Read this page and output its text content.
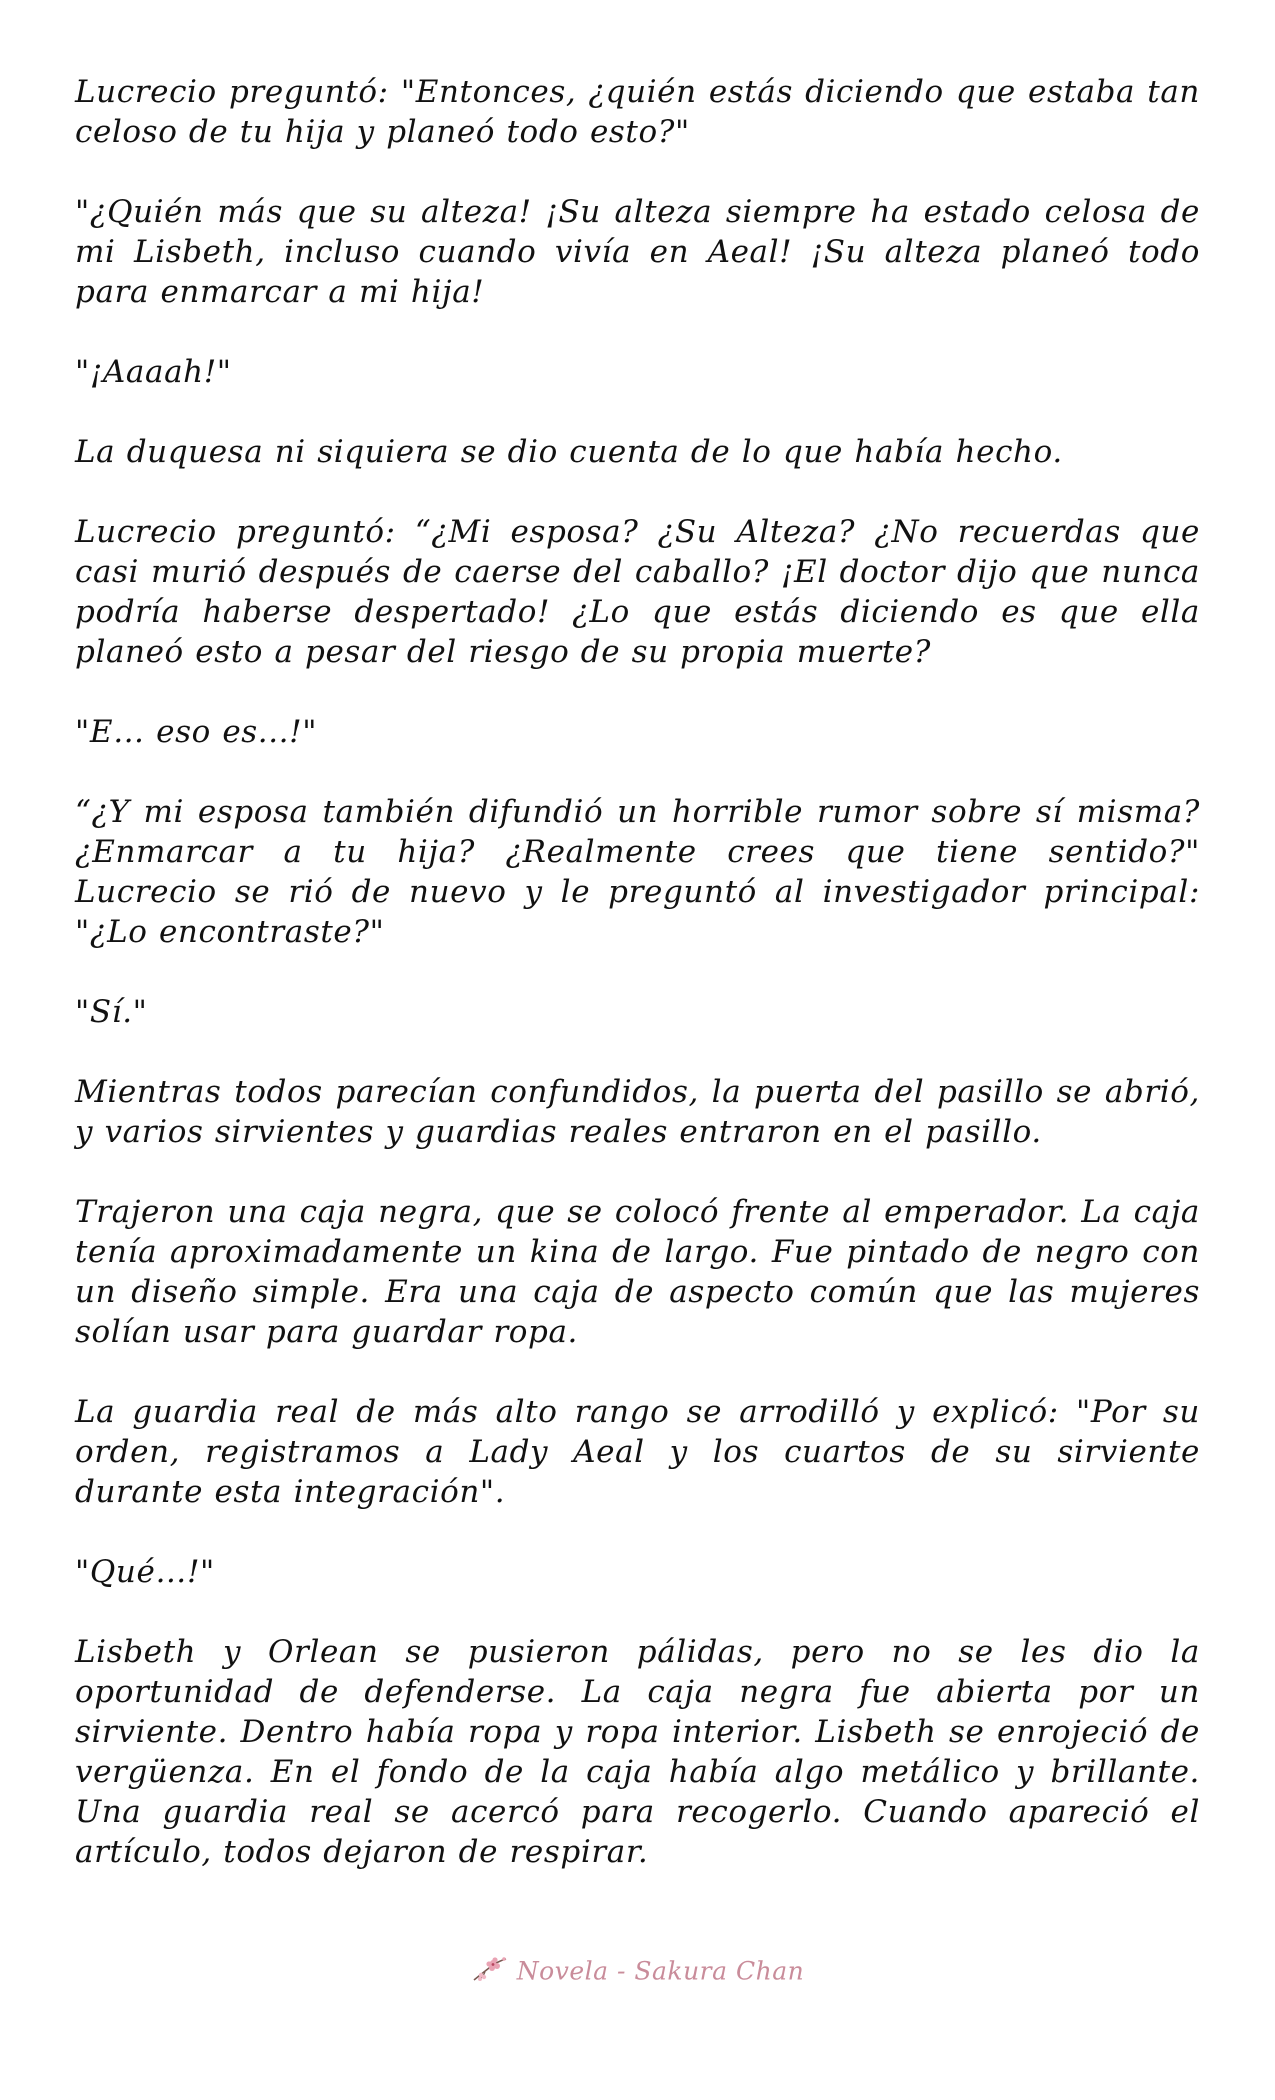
Lucrecio preguntó: "Entonces, ¿quién estás diciendo que estaba tan celoso de tu hija y planeó todo esto?"

"¿Quién más que su alteza! ¡Su alteza siempre ha estado celosa de mi Lisbeth, incluso cuando vivía en Aeal! ¡Su alteza planeó todo para enmarcar a mi hija!

"¡Aaaah!"

La duquesa ni siquiera se dio cuenta de lo que había hecho.

Lucrecio preguntó: “¿Mi esposa? ¿Su Alteza? ¿No recuerdas que casi murió después de caerse del caballo? ¡El doctor dijo que nunca podría haberse despertado! ¿Lo que estás diciendo es que ella planeó esto a pesar del riesgo de su propia muerte?

"E… eso es...!"

“¿Y mi esposa también difundió un horrible rumor sobre sí misma? ¿Enmarcar a tu hija? ¿Realmente crees que tiene sentido?" Lucrecio se rió de nuevo y le preguntó al investigador principal: "¿Lo encontraste?"

"Sí."

Mientras todos parecían confundidos, la puerta del pasillo se abrió, y varios sirvientes y guardias reales entraron en el pasillo.

Trajeron una caja negra, que se colocó frente al emperador. La caja tenía aproximadamente un kina de largo. Fue pintado de negro con un diseño simple. Era una caja de aspecto común que las mujeres solían usar para guardar ropa.

La guardia real de más alto rango se arrodilló y explicó: "Por su orden, registramos a Lady Aeal y los cuartos de su sirviente durante esta integración".

"Qué…!"

Lisbeth y Orlean se pusieron pálidas, pero no se les dio la oportunidad de defenderse. La caja negra fue abierta por un sirviente. Dentro había ropa y ropa interior. Lisbeth se enrojeció de vergüenza. En el fondo de la caja había algo metálico y brillante. Una guardia real se acercó para recogerlo. Cuando apareció el artículo, todos dejaron de respirar.

Novela - Sakura Chan
